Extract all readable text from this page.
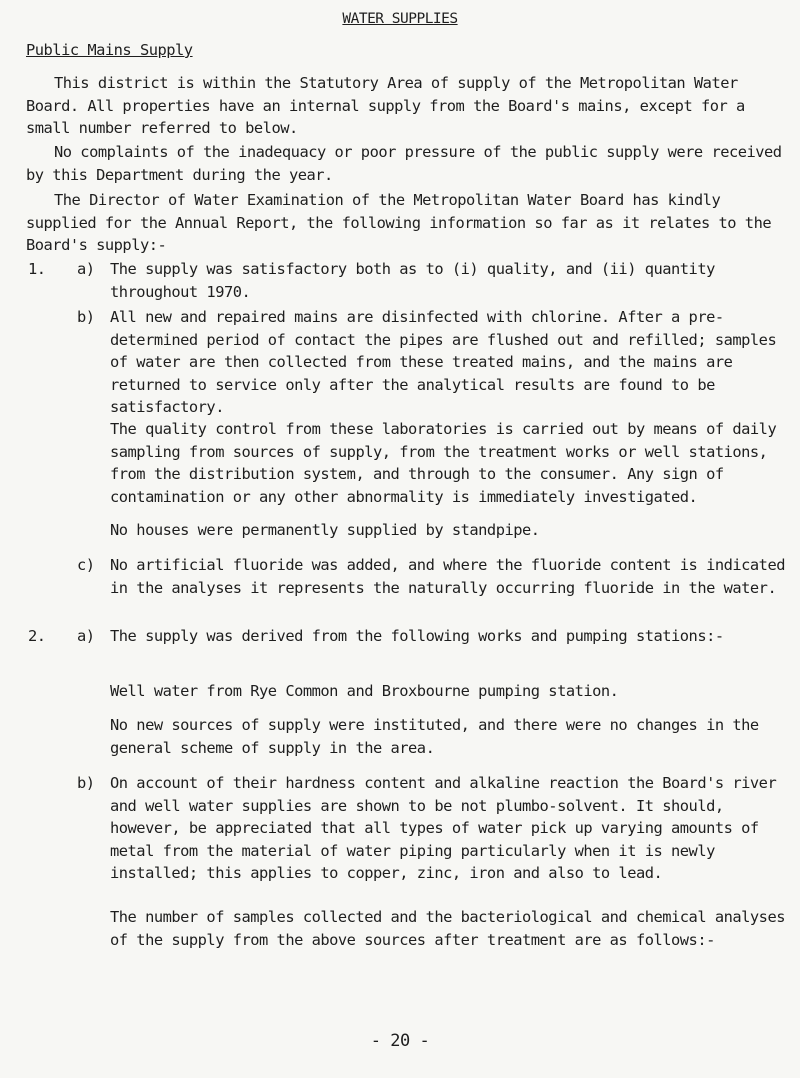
WATER SUPPLIES
Public Mains Supply

This district is within the Statutory Area of supply of the Metropolitan Water Board. All properties have an internal supply from the Board's mains, except for a small number referred to below.

No complaints of the inadequacy or poor pressure of the public supply were received by this Department during the year.

The Director of Water Examination of the Metropolitan Water Board has kindly supplied for the Annual Report, the following information so far as it relates to the Board's supply:-

1. a) The supply was satisfactory both as to (i) quality, and (ii) quantity throughout 1970.

b) All new and repaired mains are disinfected with chlorine. After a pre-determined period of contact the pipes are flushed out and refilled; samples of water are then collected from these treated mains, and the mains are returned to service only after the analytical results are found to be satisfactory.

The quality control from these laboratories is carried out by means of daily sampling from sources of supply, from the treatment works or well stations, from the distribution system, and through to the consumer. Any sign of contamination or any other abnormality is immediately investigated.

No houses were permanently supplied by standpipe.

c) No artificial fluoride was added, and where the fluoride content is indicated in the analyses it represents the naturally occurring fluoride in the water.

2. a) The supply was derived from the following works and pumping stations:-

Well water from Rye Common and Broxbourne pumping station.

No new sources of supply were instituted, and there were no changes in the general scheme of supply in the area.

b) On account of their hardness content and alkaline reaction the Board's river and well water supplies are shown to be not plumbo-solvent. It should, however, be appreciated that all types of water pick up varying amounts of metal from the material of water piping particularly when it is newly installed; this applies to copper, zinc, iron and also to lead.

The number of samples collected and the bacteriological and chemical analyses of the supply from the above sources after treatment are as follows:-

- 20 -
